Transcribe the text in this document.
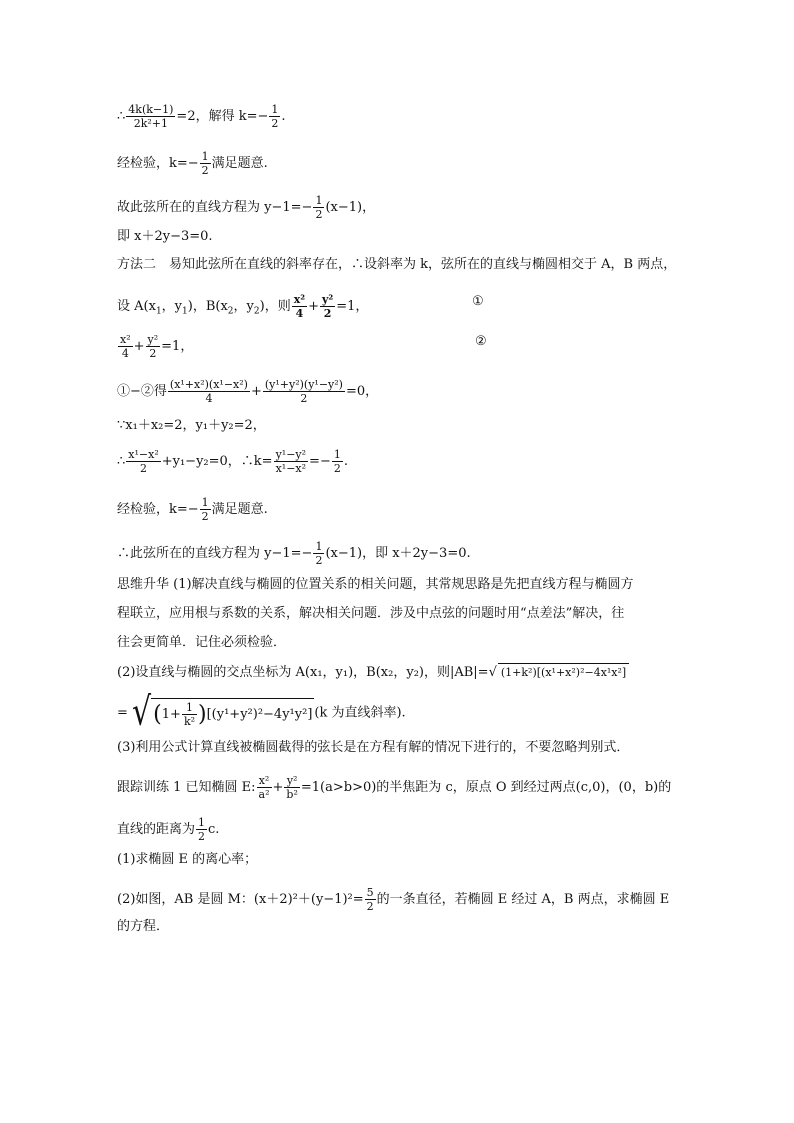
∴ $\frac{4k(k-1)}{\text{2k²+1}} =2$，解得 $k=- \frac{1}{2}$ .
经检验，$k=- \frac{1}{2}$ 满足题意.
故此弦所在的直线方程为 $y-1=- \frac{1}{2} (x-1)$，
即 x＋2y−3=0.
方法二　易知此弦所在直线的斜率存在，∴设斜率为 k，弦所在的直线与椭圆相交于 A，B 两点，
设 $A(x_1$，$y_1$)，$B(x_2$，$y_2$)，则 $\frac{\text{x²}}{4} + \frac{\text{y²}}{2} =1$，	①
$\frac{\text{x²}}{4} + \frac{\text{y²}}{2} =1$，	②
①−②得 $\frac{\text{(x¹+x²)(x¹−x²)}}{4} + \frac{\text{(y¹+y²)(y¹−y²)}}{2} =0$，
∵x₁＋x₂=2，y₁＋y₂=2，
∴ $\frac{\text{x¹−x²}}{2} +y_1-y_2=0$，∴k= $\frac{\text{y¹−y²}}{\text{x¹−x²}} =- \frac{1}{2}$ .
经检验，$k=- \frac{1}{2}$ 满足题意.
∴此弦所在的直线方程为 $y-1=- \frac{1}{2} (x-1)$，即 x＋2y−3=0.
思维升华 (1)解决直线与椭圆的位置关系的相关问题，其常规思路是先把直线方程与椭圆方
程联立，应用根与系数的关系，解决相关问题．涉及中点弦的问题时用“点差法”解决，往
往会更简单．记住必须检验．
(2)设直线与椭圆的交点坐标为 A(x₁，y₁)，B(x₂，y₂)，则|AB|=√ (1+k²)[(x¹+x²)²−4x¹x²]
= $√(1+ \frac{1}{\text{k²}} )[(y^1+y^2)^2-4y^1y^2]$ (k 为直线斜率).
(3)利用公式计算直线被椭圆截得的弦长是在方程有解的情况下进行的，不要忽略判别式．
跟踪训练 1 已知椭圆 E: $\frac{\text{x²}}{\text{a²}} + \frac{\text{y²}}{\text{b²}} =1(a>b>0)$的半焦距为 c，原点 O 到经过两点(c,0)，(0，b)的
直线的距离为 $\frac{1}{2} c$.
(1)求椭圆 E 的离心率；
(2)如图，AB 是圆 M：$(x+2)^2+(y-1)^2= \frac{5}{2}$ 的一条直径，若椭圆 E 经过 A，B 两点，求椭圆 E
的方程．
